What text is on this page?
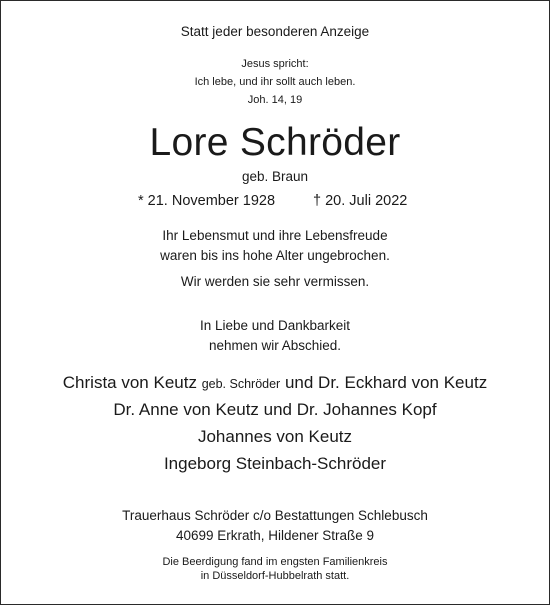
Statt jeder besonderen Anzeige
Jesus spricht:
Ich lebe, und ihr sollt auch leben.
Joh. 14, 19
Lore Schröder
geb. Braun
* 21. November 1928	† 20. Juli 2022
Ihr Lebensmut und ihre Lebensfreude
waren bis ins hohe Alter ungebrochen.
Wir werden sie sehr vermissen.
In Liebe und Dankbarkeit
nehmen wir Abschied.
Christa von Keutz geb. Schröder und Dr. Eckhard von Keutz
Dr. Anne von Keutz und Dr. Johannes Kopf
Johannes von Keutz
Ingeborg Steinbach-Schröder
Trauerhaus Schröder c/o Bestattungen Schlebusch
40699 Erkrath, Hildener Straße 9
Die Beerdigung fand im engsten Familienkreis
in Düsseldorf-Hubbelrath statt.
